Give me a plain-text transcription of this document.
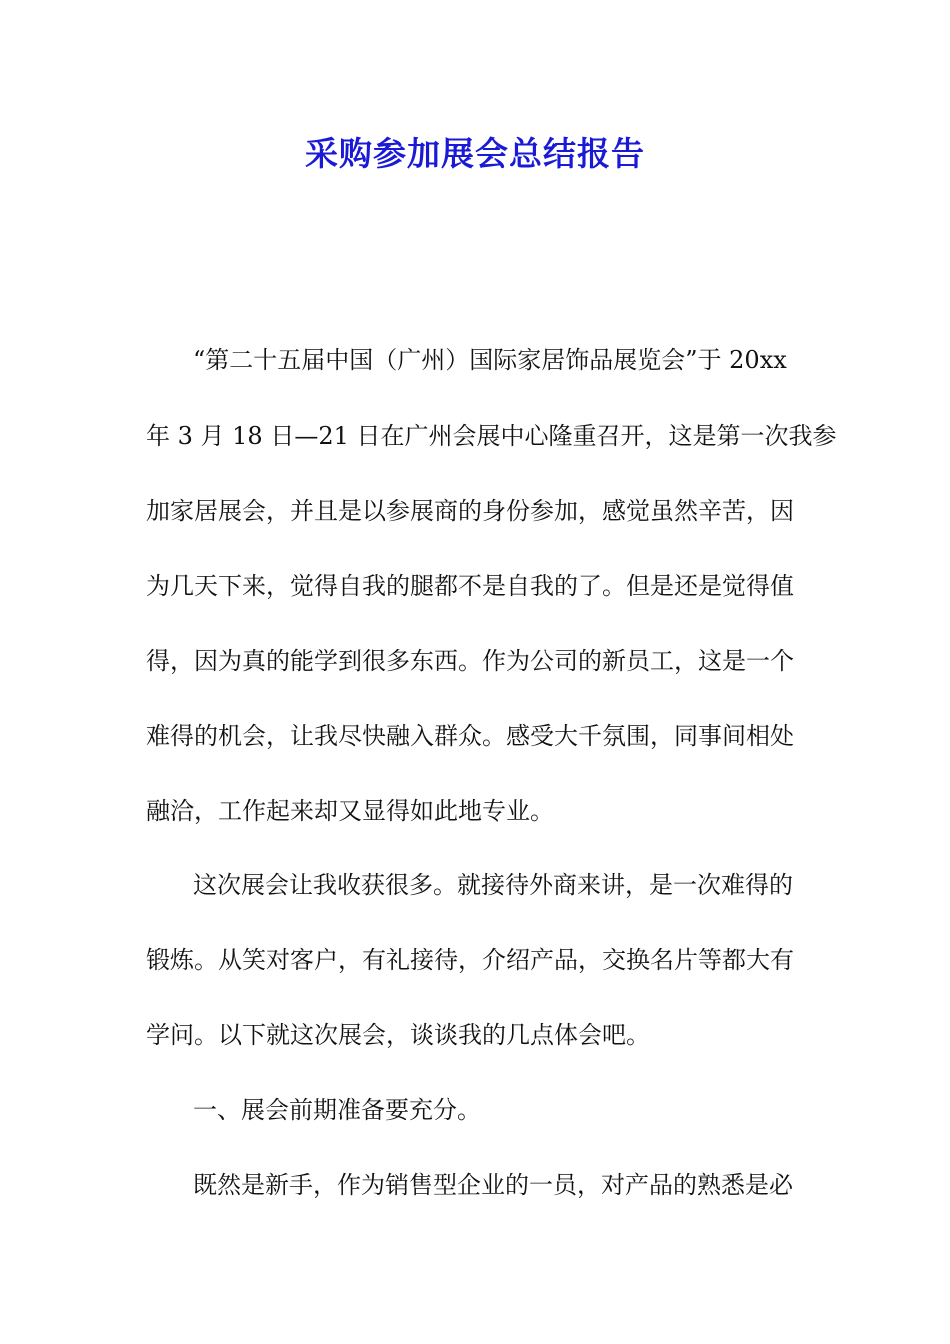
采购参加展会总结报告
“第二十五届中国（广州）国际家居饰品展览会”于 20xx
年 3 月 18 日—21 日在广州会展中心隆重召开，这是第一次我参
加家居展会，并且是以参展商的身份参加，感觉虽然辛苦，因
为几天下来，觉得自我的腿都不是自我的了。但是还是觉得值
得，因为真的能学到很多东西。作为公司的新员工，这是一个
难得的机会，让我尽快融入群众。感受大千氛围，同事间相处
融洽，工作起来却又显得如此地专业。
这次展会让我收获很多。就接待外商来讲，是一次难得的
锻炼。从笑对客户，有礼接待，介绍产品，交换名片等都大有
学问。以下就这次展会，谈谈我的几点体会吧。
一、展会前期准备要充分。
既然是新手，作为销售型企业的一员，对产品的熟悉是必
